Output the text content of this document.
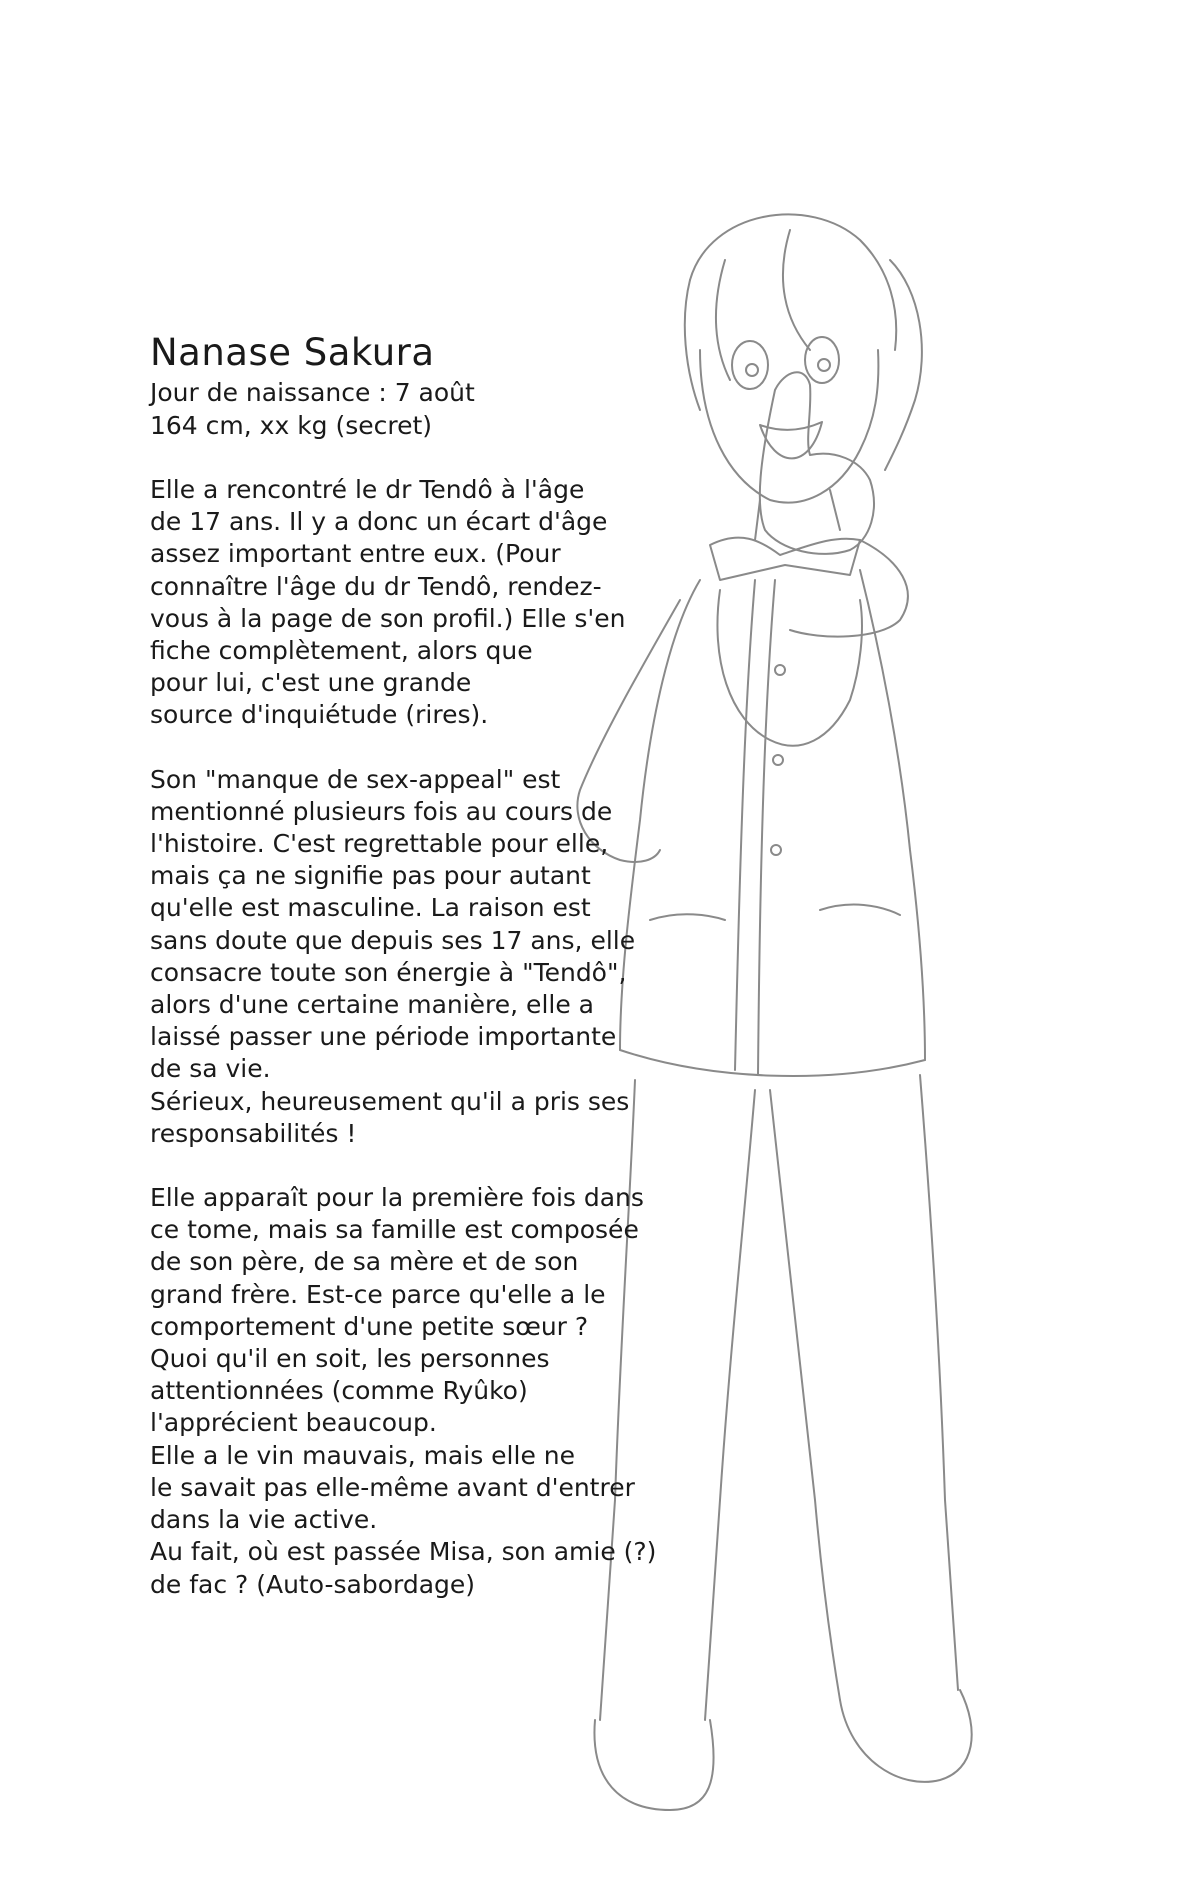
Nanase Sakura

Jour de naissance : 7 août

164 cm, xx kg (secret)

Elle a rencontré le dr Tendô à l'âge
de 17 ans. Il y a donc un écart d'âge
assez important entre eux. (Pour
connaître l'âge du dr Tendô, rendez-
vous à la page de son profil.) Elle s'en
fiche complètement, alors que
pour lui, c'est une grande
source d'inquiétude (rires).
Son "manque de sex-appeal" est
mentionné plusieurs fois au cours de
l'histoire. C'est regrettable pour elle,
mais ça ne signifie pas pour autant
qu'elle est masculine. La raison est
sans doute que depuis ses 17 ans, elle
consacre toute son énergie à "Tendô",
alors d'une certaine manière, elle a
laissé passer une période importante
de sa vie.
Sérieux, heureusement qu'il a pris ses
responsabilités !
Elle apparaît pour la première fois dans
ce tome, mais sa famille est composée
de son père, de sa mère et de son
grand frère. Est-ce parce qu'elle a le
comportement d'une petite sœur ?
Quoi qu'il en soit, les personnes
attentionnées (comme Ryûko)
l'apprécient beaucoup.
Elle a le vin mauvais, mais elle ne
le savait pas elle-même avant d'entrer
dans la vie active.
Au fait, où est passée Misa, son amie (?)
de fac ? (Auto-sabordage)
